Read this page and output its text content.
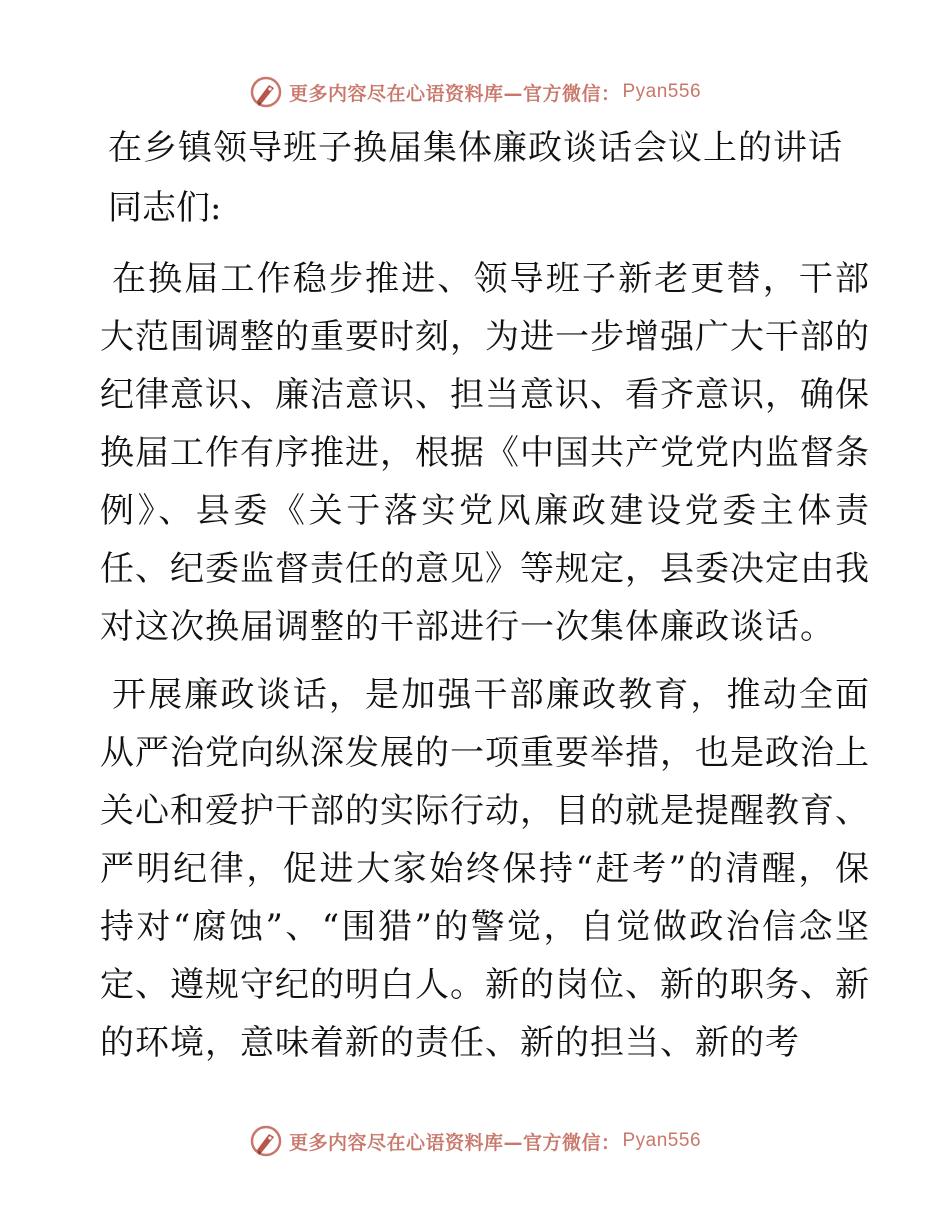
更多内容尽在心语资料库—官方微信： Pyan556
在乡镇领导班子换届集体廉政谈话会议上的讲话
同志们:

在换届工作稳步推进、领导班子新老更替，干部大范围调整的重要时刻，为进一步增强广大干部的纪律意识、廉洁意识、担当意识、看齐意识，确保换届工作有序推进，根据《中国共产党党内监督条例》、县委《关于落实党风廉政建设党委主体责任、纪委监督责任的意见》等规定，县委决定由我对这次换届调整的干部进行一次集体廉政谈话。

开展廉政谈话，是加强干部廉政教育，推动全面从严治党向纵深发展的一项重要举措，也是政治上关心和爱护干部的实际行动，目的就是提醒教育、严明纪律，促进大家始终保持“赶考”的清醒，保持对“腐蚀”、“围猎”的警觉，自觉做政治信念坚定、遵规守纪的明白人。新的岗位、新的职务、新的环境，意味着新的责任、新的担当、新的考

更多内容尽在心语资料库—官方微信： Pyan556
